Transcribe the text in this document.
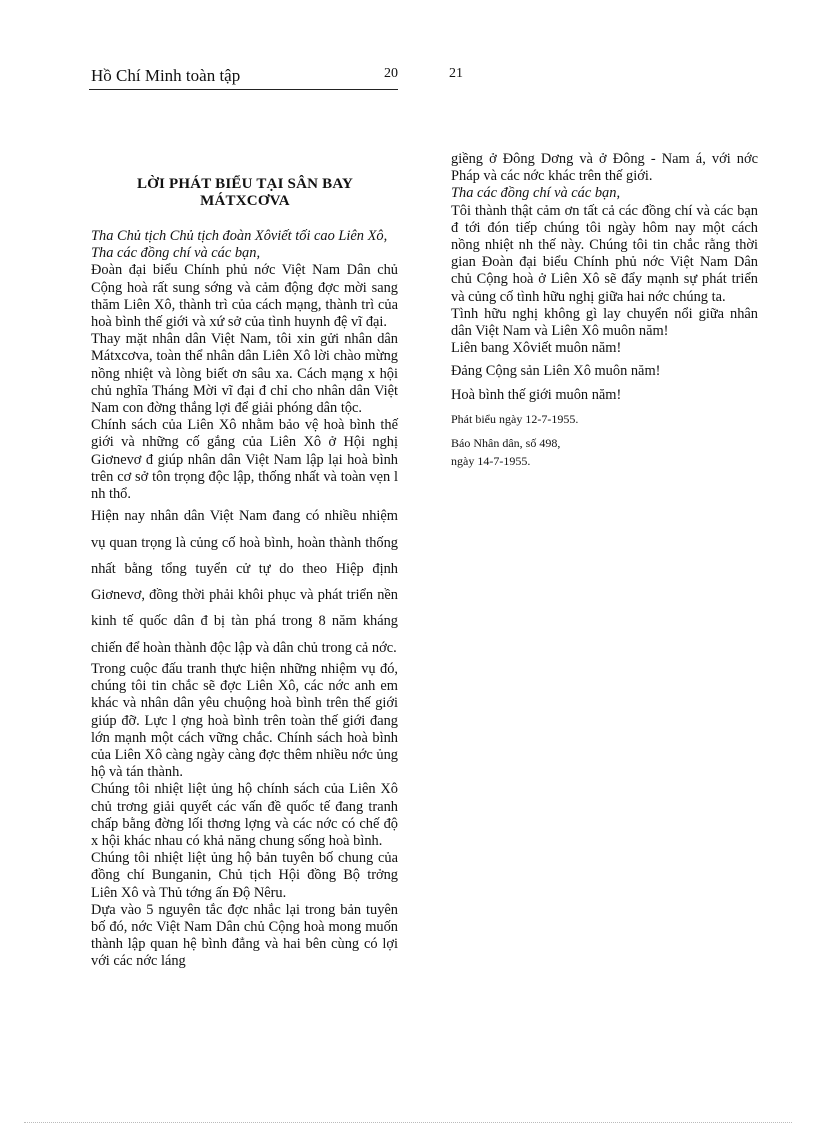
Hồ Chí Minh toàn tập	20	21
LỜI PHÁT BIỂU TẠI SÂN BAY MÁTXCƠVA

Tha Chủ tịch Chủ tịch đoàn Xôviết tối cao Liên Xô,

Tha các đồng chí và các bạn,

Đoàn đại biểu Chính phủ nớc Việt Nam Dân chủ Cộng hoà rất sung sớng và cảm động đợc mời sang thăm Liên Xô, thành trì của cách mạng, thành trì của hoà bình thế giới và xứ sở của tình huynh đệ vĩ đại.

Thay mặt nhân dân Việt Nam, tôi xin gửi nhân dân Mátxcơva, toàn thể nhân dân Liên Xô lời chào mừng nồng nhiệt và lòng biết ơn sâu xa. Cách mạng x hội chủ nghĩa Tháng Mời vĩ đại đ chỉ cho nhân dân Việt Nam con đờng thắng lợi để giải phóng dân tộc.

Chính sách của Liên Xô nhằm bảo vệ hoà bình thế giới và những cố gắng của Liên Xô ở Hội nghị Giơnevơ đ giúp nhân dân Việt Nam lập lại hoà bình trên cơ sở tôn trọng độc lập, thống nhất và toàn vẹn l nh thổ.

Hiện nay nhân dân Việt Nam đang có nhiều nhiệm vụ quan trọng là củng cố hoà bình, hoàn thành thống nhất bằng tổng tuyển cử tự do theo Hiệp định Giơnevơ, đồng thời phải khôi phục và phát triển nền kinh tế quốc dân đ bị tàn phá trong 8 năm kháng chiến để hoàn thành độc lập và dân chủ trong cả nớc.

Trong cuộc đấu tranh thực hiện những nhiệm vụ đó, chúng tôi tin chắc sẽ đợc Liên Xô, các nớc anh em khác và nhân dân yêu chuộng hoà bình trên thế giới giúp đỡ. Lực l ợng hoà bình trên toàn thế giới đang lớn mạnh một cách vững chắc. Chính sách hoà bình của Liên Xô càng ngày càng đợc thêm nhiều nớc ủng hộ và tán thành.

Chúng tôi nhiệt liệt ủng hộ chính sách của Liên Xô chủ trơng giải quyết các vấn đề quốc tế đang tranh chấp bằng đờng lối thơng lợng và các nớc có chế độ x hội khác nhau có khả năng chung sống hoà bình.

Chúng tôi nhiệt liệt ủng hộ bản tuyên bố chung của đồng chí Bunganin, Chủ tịch Hội đồng Bộ trởng Liên Xô và Thủ tớng ấn Độ Nêru.

Dựa vào 5 nguyên tắc đợc nhắc lại trong bản tuyên bố đó, nớc Việt Nam Dân chủ Cộng hoà mong muốn thành lập quan hệ bình đẳng và hai bên cùng có lợi với các nớc láng

giềng ở Đông Dơng và ở Đông - Nam á, với nớc Pháp và các nớc khác trên thế giới.

Tha các đồng chí và các bạn,

Tôi thành thật cảm ơn tất cả các đồng chí và các bạn đ tới đón tiếp chúng tôi ngày hôm nay một cách nồng nhiệt nh thế này. Chúng tôi tin chắc rằng thời gian Đoàn đại biểu Chính phủ nớc Việt Nam Dân chủ Cộng hoà ở Liên Xô sẽ đẩy mạnh sự phát triển và củng cố tình hữu nghị giữa hai nớc chúng ta.

Tình hữu nghị không gì lay chuyển nổi giữa nhân dân Việt Nam và Liên Xô muôn năm!

Liên bang Xôviết muôn năm!

Đảng Cộng sản Liên Xô muôn năm!

Hoà bình thế giới muôn năm!

Phát biểu ngày 12-7-1955.

Báo Nhân dân, số 498,

ngày 14-7-1955.
